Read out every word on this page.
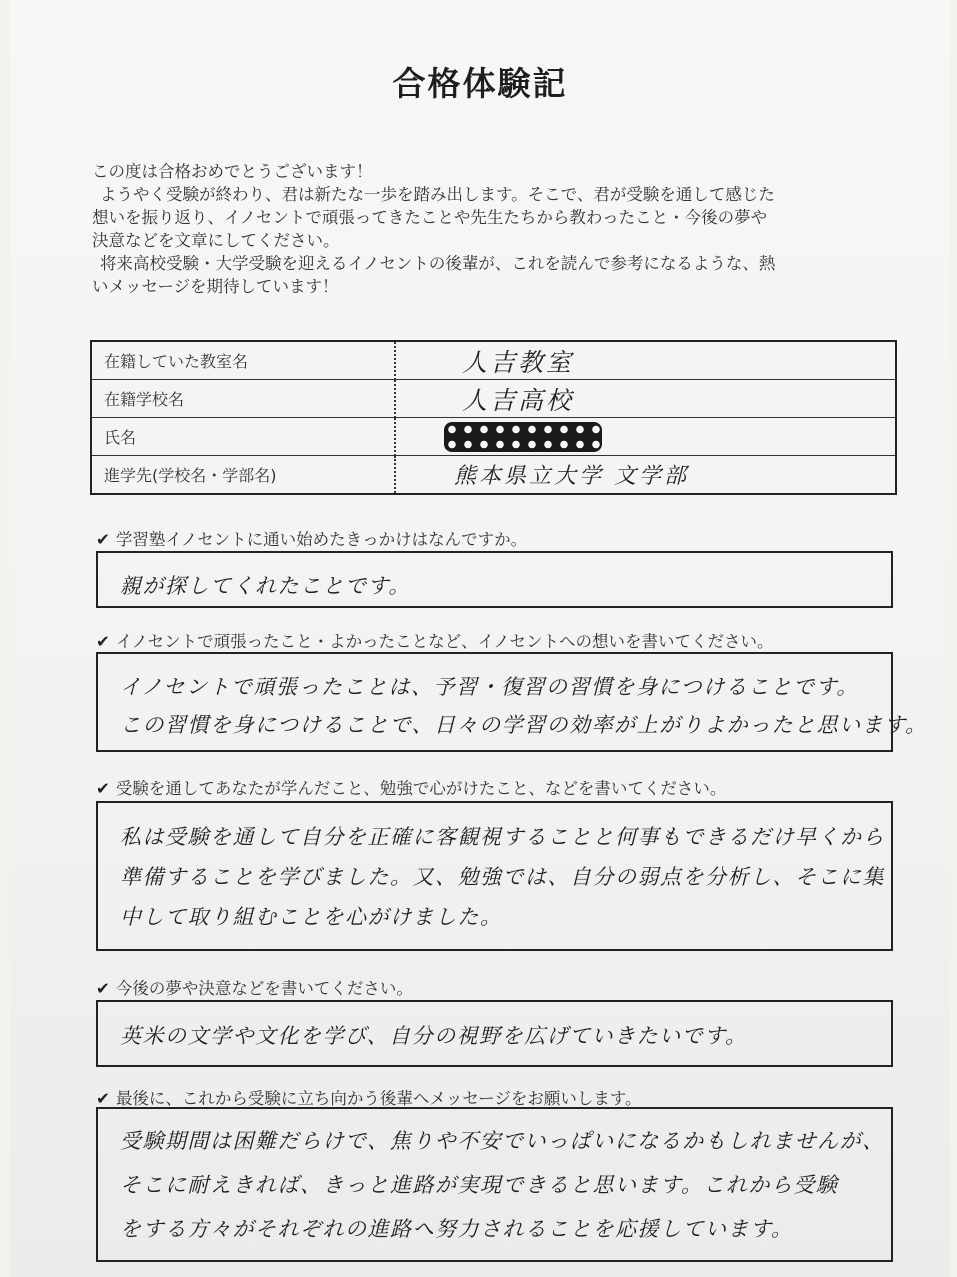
合格体験記
この度は合格おめでとうございます！
ようやく受験が終わり、君は新たな一歩を踏み出します。そこで、君が受験を通して感じた
想いを振り返り、イノセントで頑張ってきたことや先生たちから教わったこと・今後の夢や
決意などを文章にしてください。
将来高校受験・大学受験を迎えるイノセントの後輩が、これを読んで参考になるような、熱
いメッセージを期待しています！
在籍していた教室名	人吉教室
在籍学校名	人吉高校
氏名	
進学先(学校名・学部名)	熊本県立大学 文学部
✔ 学習塾イノセントに通い始めたきっかけはなんですか。
親が探してくれたことです。
✔ イノセントで頑張ったこと・よかったことなど、イノセントへの想いを書いてください。
イノセントで頑張ったことは、予習・復習の習慣を身につけることです。
この習慣を身につけることで、日々の学習の効率が上がりよかったと思います。
✔ 受験を通してあなたが学んだこと、勉強で心がけたこと、などを書いてください。
私は受験を通して自分を正確に客観視することと何事もできるだけ早くから
準備することを学びました。又、勉強では、自分の弱点を分析し、そこに集
中して取り組むことを心がけました。
✔ 今後の夢や決意などを書いてください。
英米の文学や文化を学び、自分の視野を広げていきたいです。
✔ 最後に、これから受験に立ち向かう後輩へメッセージをお願いします。
受験期間は困難だらけで、焦りや不安でいっぱいになるかもしれませんが、
そこに耐えきれば、きっと進路が実現できると思います。これから受験
をする方々がそれぞれの進路へ努力されることを応援しています。
